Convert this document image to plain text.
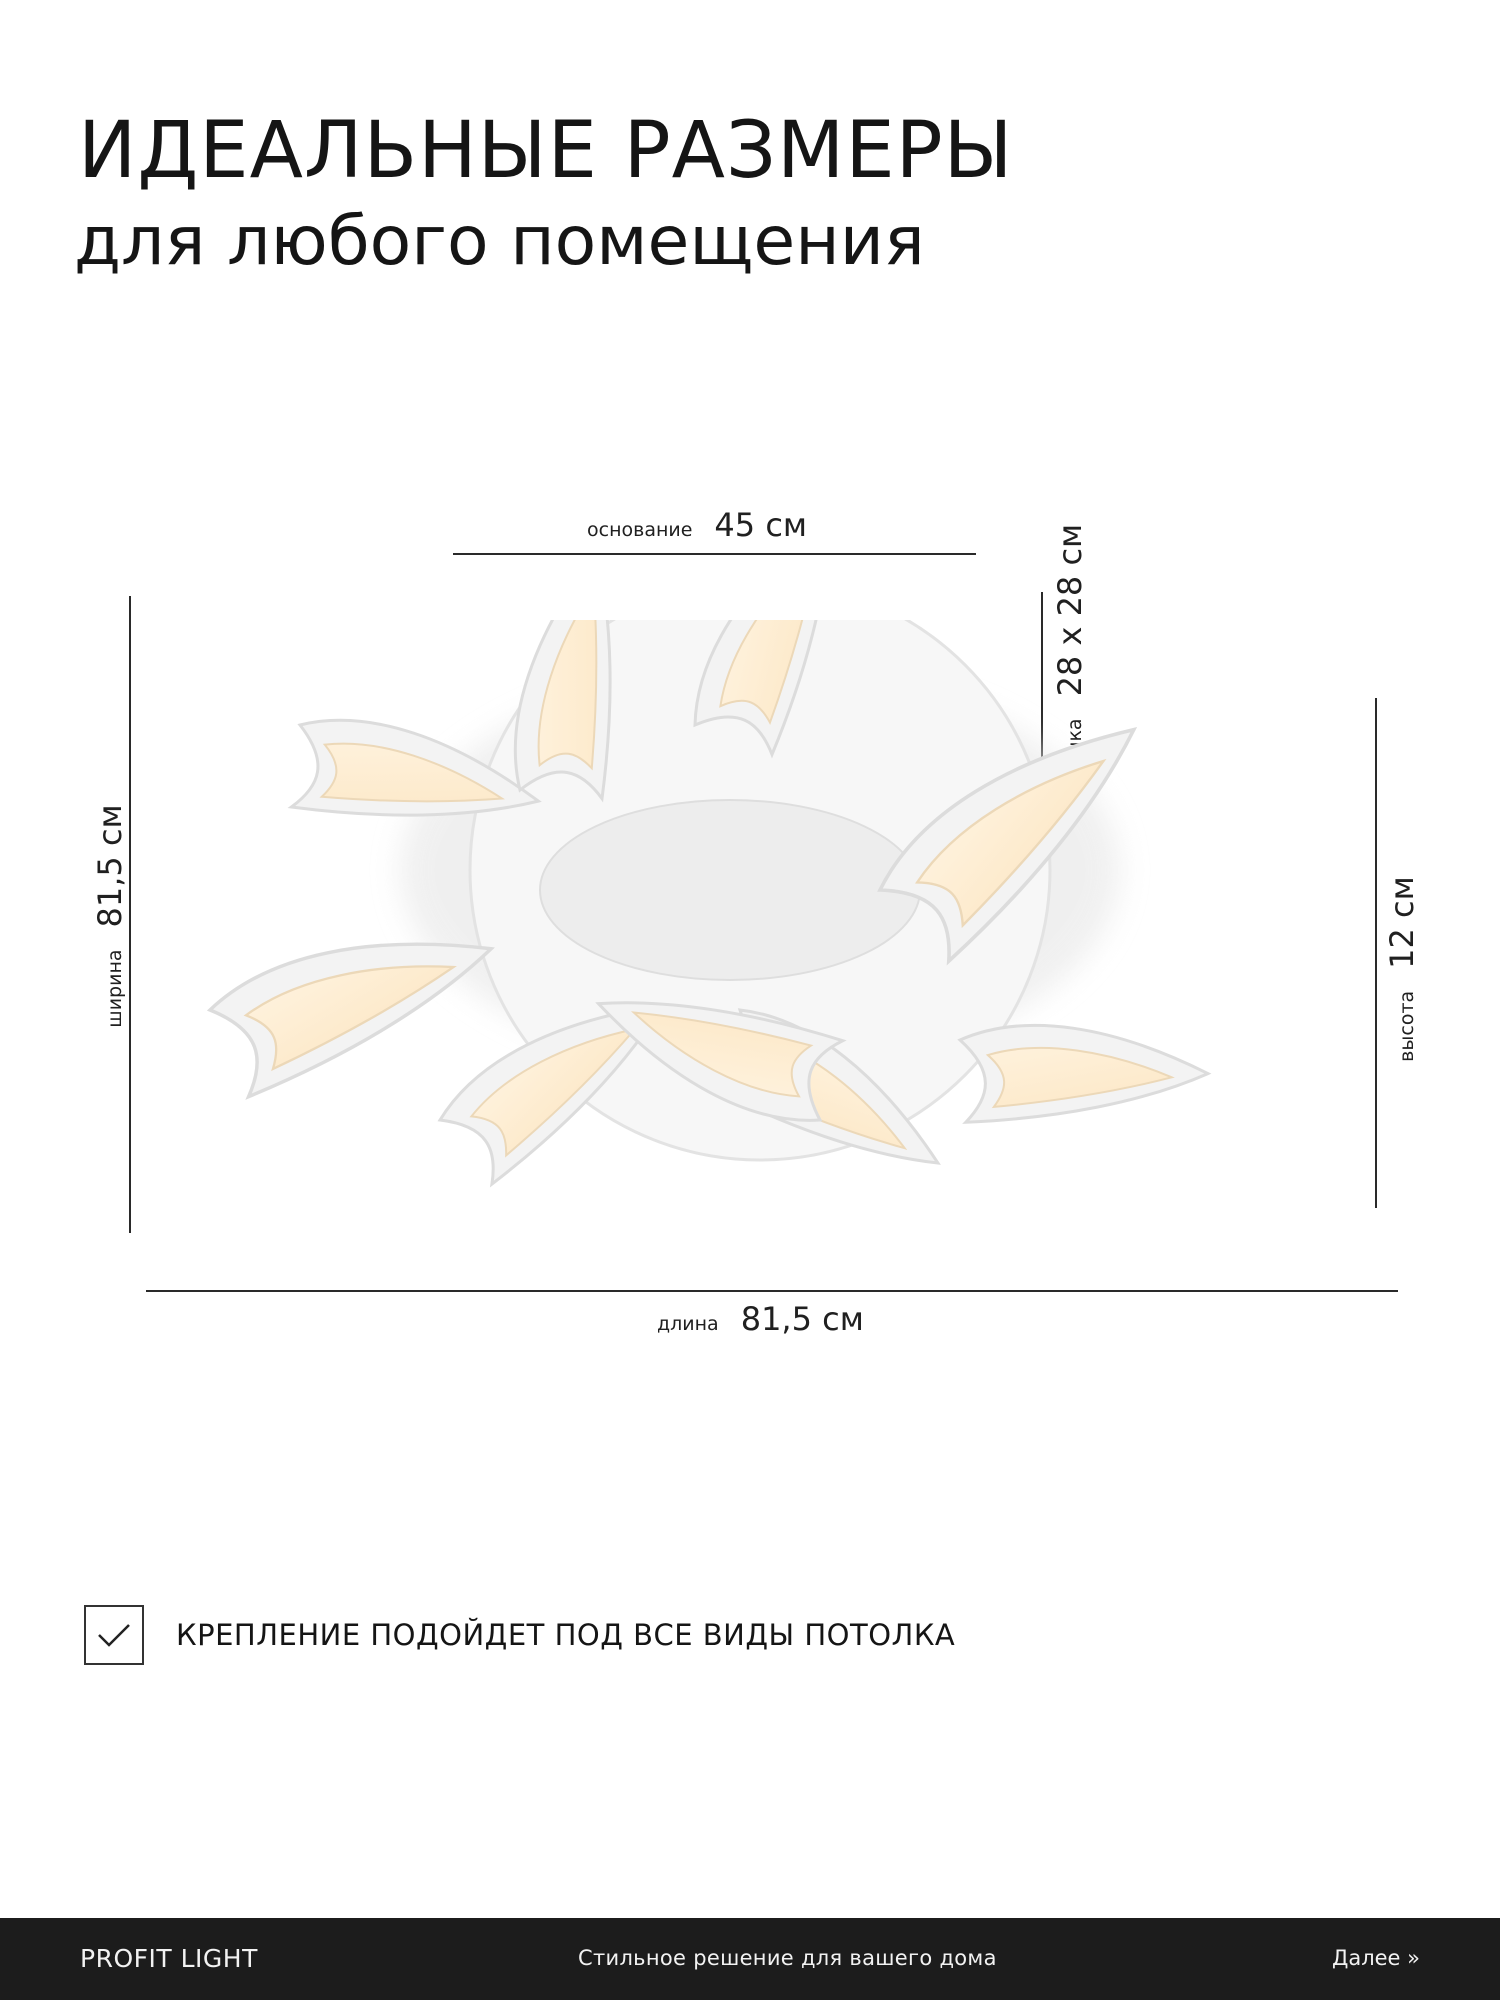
ИДЕАЛЬНЫЕ РАЗМЕРЫ
для любого помещения
основание 45 см	28 х 28 см
ширина
81,5 см
высота
12 см
длина 81,5 см
КРЕПЛЕНИЕ ПОДОЙДЕТ ПОД ВСЕ ВИДЫ ПОТОЛКА
PROFIT LIGHT	Стильное решение для вашего дома	Далее »
